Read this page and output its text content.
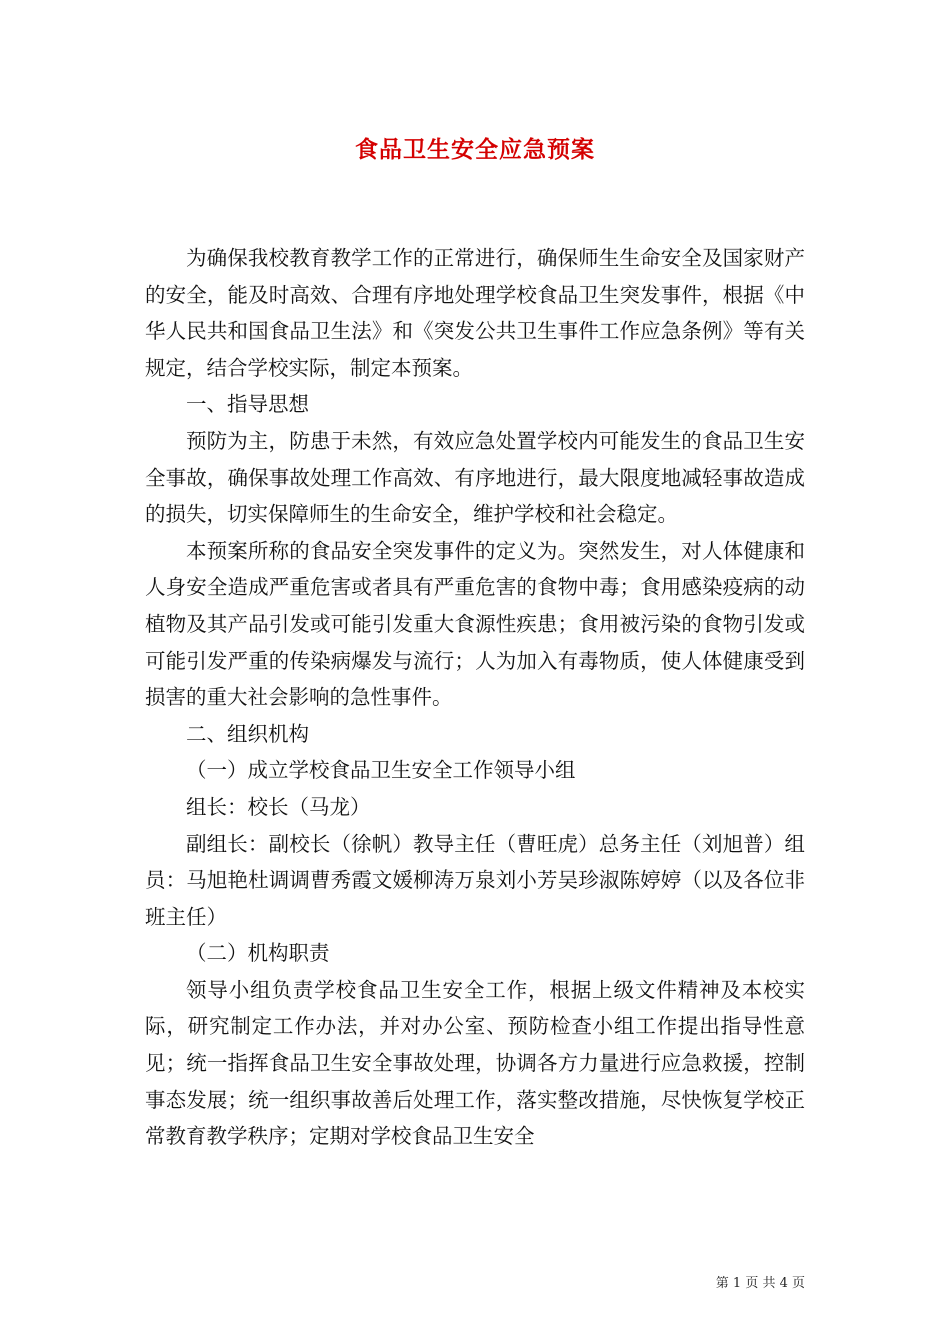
食品卫生安全应急预案

为确保我校教育教学工作的正常进行，确保师生生命安全及国家财产的安全，能及时高效、合理有序地处理学校食品卫生突发事件，根据《中华人民共和国食品卫生法》和《突发公共卫生事件工作应急条例》等有关规定，结合学校实际，制定本预案。

一、指导思想

预防为主，防患于未然，有效应急处置学校内可能发生的食品卫生安全事故，确保事故处理工作高效、有序地进行，最大限度地减轻事故造成的损失，切实保障师生的生命安全，维护学校和社会稳定。

本预案所称的食品安全突发事件的定义为。突然发生，对人体健康和人身安全造成严重危害或者具有严重危害的食物中毒；食用感染疫病的动植物及其产品引发或可能引发重大食源性疾患；食用被污染的食物引发或可能引发严重的传染病爆发与流行；人为加入有毒物质，使人体健康受到损害的重大社会影响的急性事件。

二、组织机构

（一）成立学校食品卫生安全工作领导小组

组长：校长（马龙）

副组长：副校长（徐帆）教导主任（曹旺虎）总务主任（刘旭普）组员：马旭艳杜调调曹秀霞文媛柳涛万泉刘小芳吴珍淑陈婷婷（以及各位非班主任）

（二）机构职责

领导小组负责学校食品卫生安全工作，根据上级文件精神及本校实际，研究制定工作办法，并对办公室、预防检查小组工作提出指导性意见；统一指挥食品卫生安全事故处理，协调各方力量进行应急救援，控制事态发展；统一组织事故善后处理工作，落实整改措施，尽快恢复学校正常教育教学秩序；定期对学校食品卫生安全

第 1 页 共 4 页
